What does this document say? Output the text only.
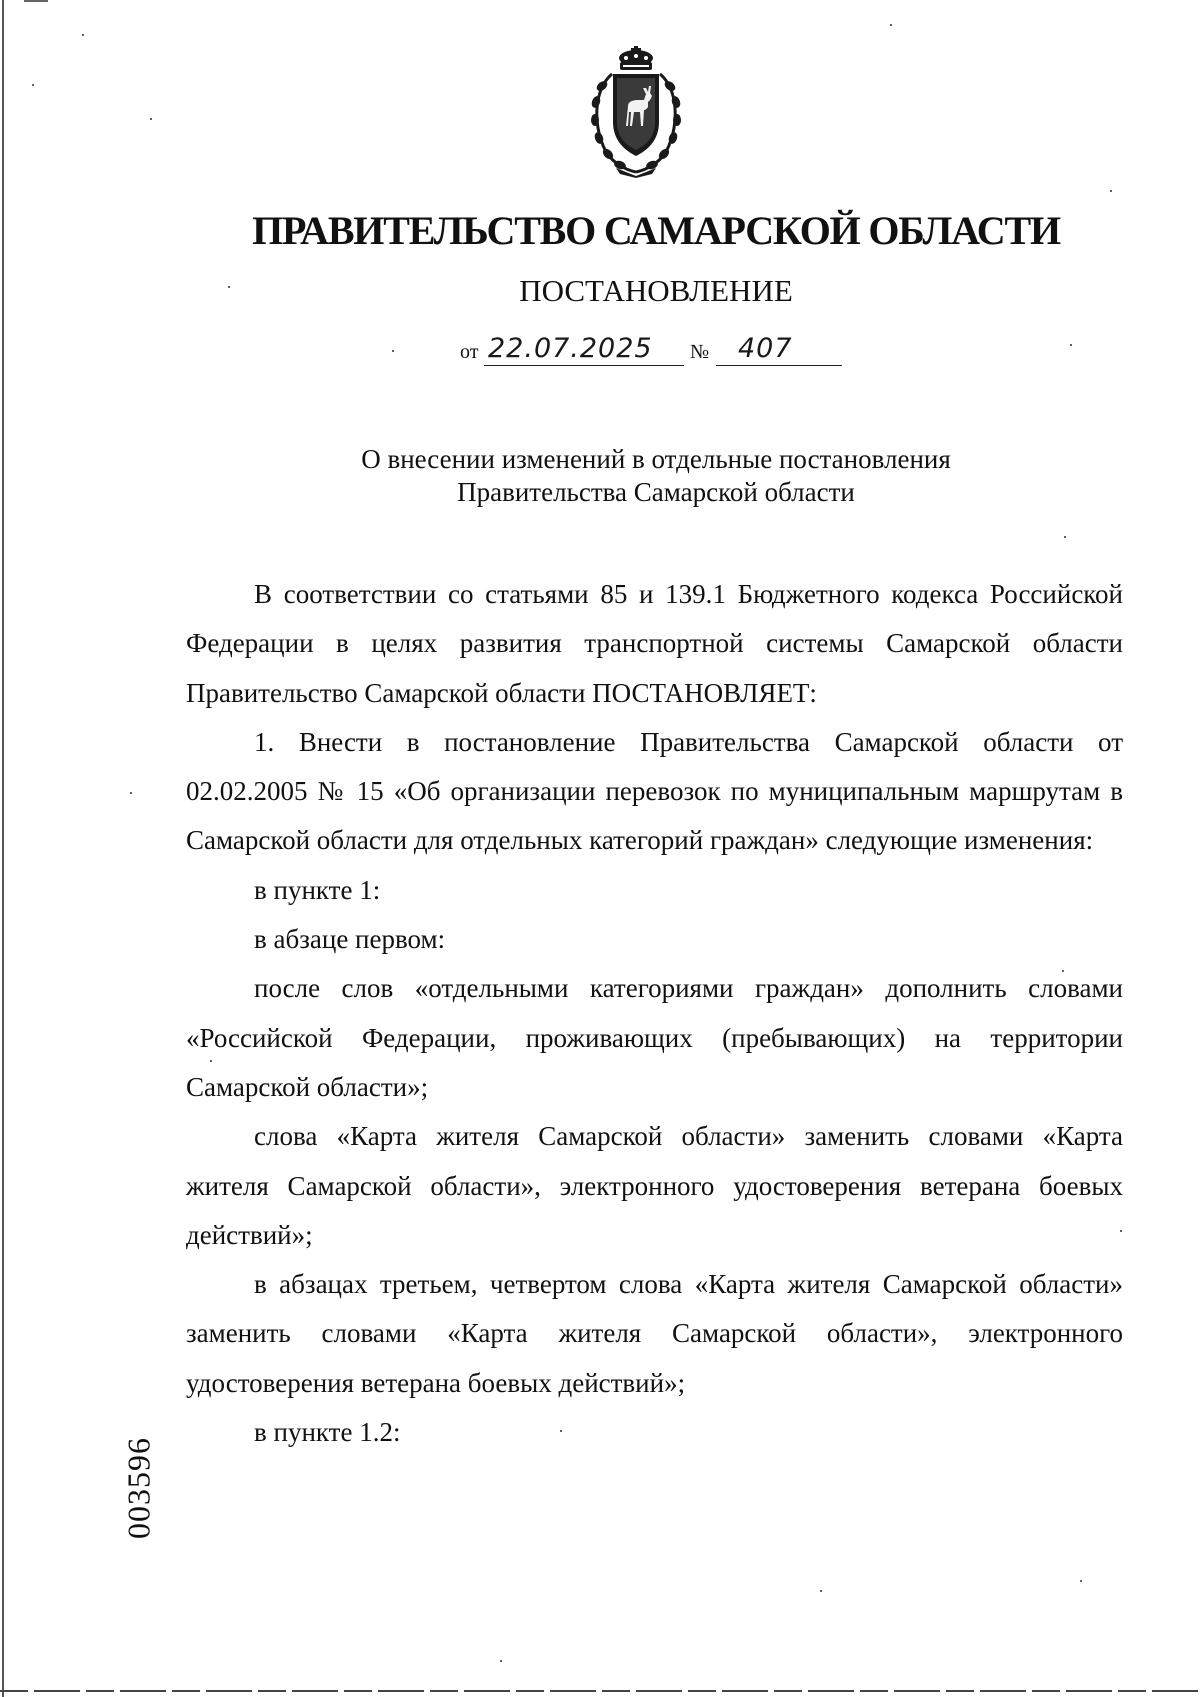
ПРАВИТЕЛЬСТВО САМАРСКОЙ ОБЛАСТИ
ПОСТАНОВЛЕНИЕ
от 22.07.2025 № 407
О внесении изменений в отдельные постановления
Правительства Самарской области

В соответствии со статьями 85 и 139.1 Бюджетного кодекса Российской Федерации в целях развития транспортной системы Самарской области Правительство Самарской области ПОСТАНОВЛЯЕТ:

1. Внести в постановление Правительства Самарской области от 02.02.2005 № 15 «Об организации перевозок по муниципальным маршрутам в Самарской области для отдельных категорий граждан» следующие изменения:

в пункте 1:

в абзаце первом:

после слов «отдельными категориями граждан» дополнить словами «Российской Федерации, проживающих (пребывающих) на территории Самарской области»;

слова «Карта жителя Самарской области» заменить словами «Карта жителя Самарской области», электронного удостоверения ветерана боевых действий»;

в абзацах третьем, четвертом слова «Карта жителя Самарской области» заменить словами «Карта жителя Самарской области», электронного удостоверения ветерана боевых действий»;

в пункте 1.2:

003596
